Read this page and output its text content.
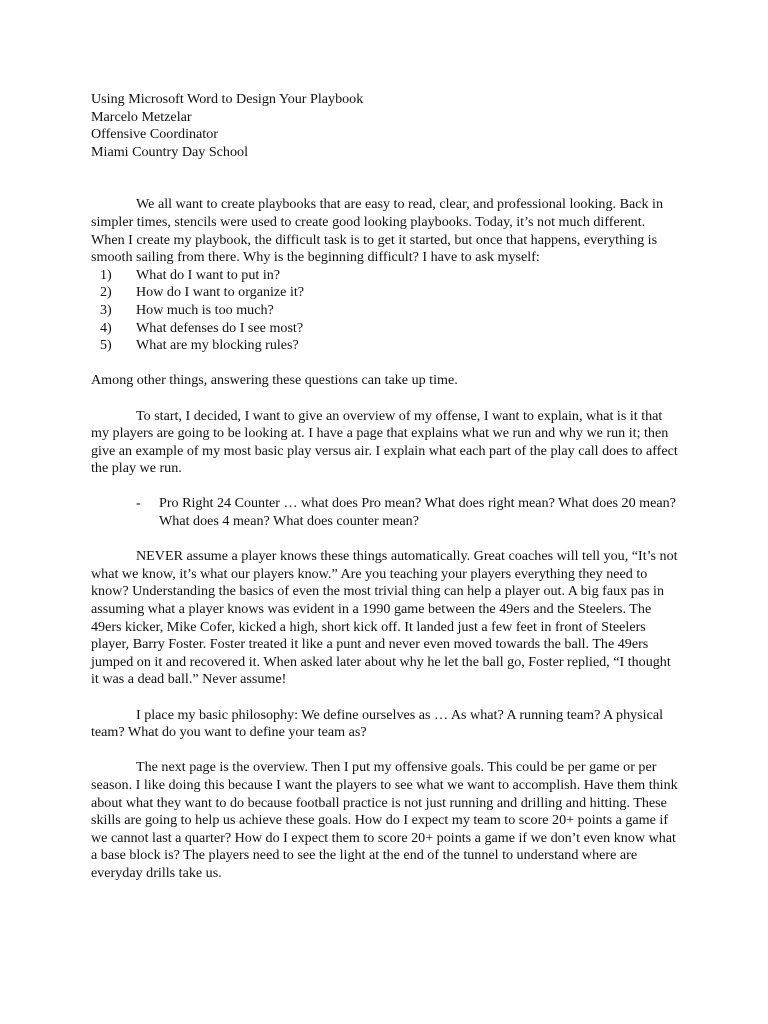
Using Microsoft Word to Design Your Playbook
Marcelo Metzelar
Offensive Coordinator
Miami Country Day School

We all want to create playbooks that are easy to read, clear, and professional looking. Back in simpler times, stencils were used to create good looking playbooks. Today, it’s not much different. When I create my playbook, the difficult task is to get it started, but once that happens, everything is smooth sailing from there. Why is the beginning difficult? I have to ask myself:

1)	What do I want to put in?
2)	How do I want to organize it?
3)	How much is too much?
4)	What defenses do I see most?
5)	What are my blocking rules?

Among other things, answering these questions can take up time.

To start, I decided, I want to give an overview of my offense, I want to explain, what is it that my players are going to be looking at. I have a page that explains what we run and why we run it; then give an example of my most basic play versus air. I explain what each part of the play call does to affect the play we run.

-	Pro Right 24 Counter … what does Pro mean? What does right mean? What does 20 mean? What does 4 mean? What does counter mean?

NEVER assume a player knows these things automatically. Great coaches will tell you, “It’s not what we know, it’s what our players know.” Are you teaching your players everything they need to know? Understanding the basics of even the most trivial thing can help a player out. A big faux pas in assuming what a player knows was evident in a 1990 game between the 49ers and the Steelers. The 49ers kicker, Mike Cofer, kicked a high, short kick off. It landed just a few feet in front of Steelers player, Barry Foster. Foster treated it like a punt and never even moved towards the ball. The 49ers jumped on it and recovered it. When asked later about why he let the ball go, Foster replied, “I thought it was a dead ball.” Never assume!

I place my basic philosophy: We define ourselves as … As what? A running team? A physical team? What do you want to define your team as?

The next page is the overview. Then I put my offensive goals. This could be per game or per season. I like doing this because I want the players to see what we want to accomplish. Have them think about what they want to do because football practice is not just running and drilling and hitting. These skills are going to help us achieve these goals. How do I expect my team to score 20+ points a game if we cannot last a quarter? How do I expect them to score 20+ points a game if we don’t even know what a base block is? The players need to see the light at the end of the tunnel to understand where are everyday drills take us.
